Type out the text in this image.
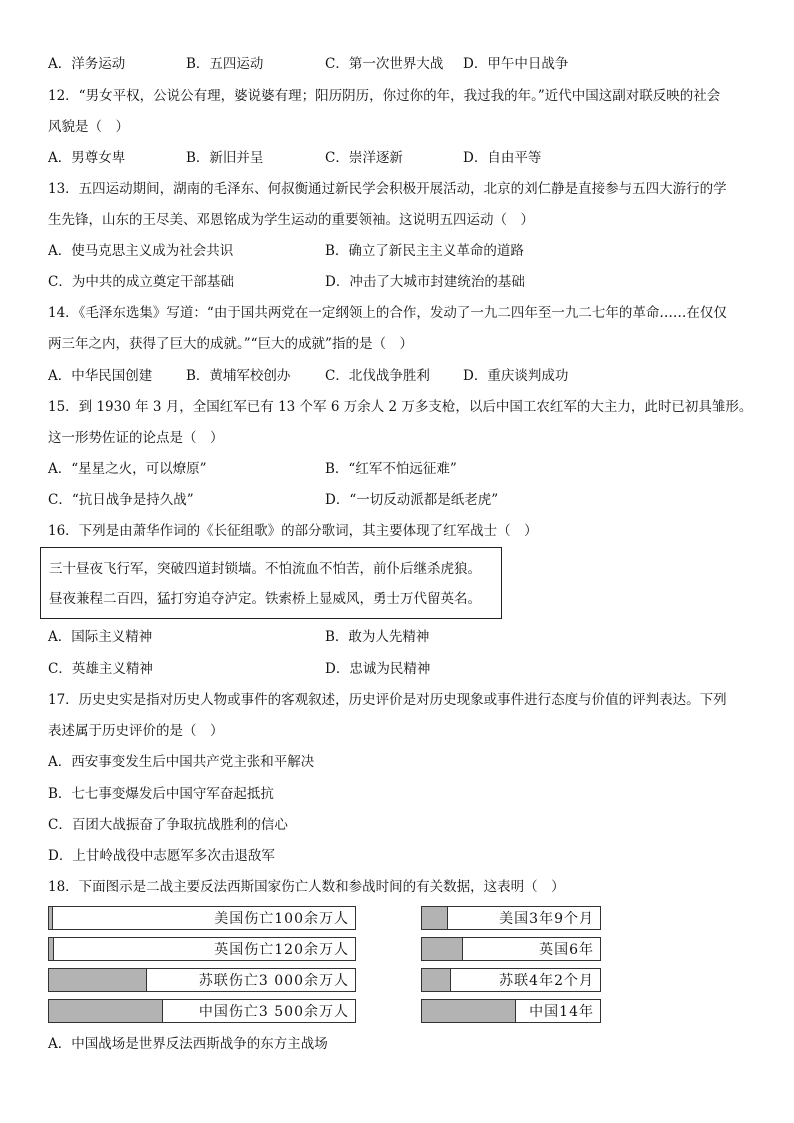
A．洋务运动	B．五四运动	C．第一次世界大战 D．甲午中日战争
12．“男女平权，公说公有理，婆说婆有理；阳历阴历，你过你的年，我过我的年。”近代中国这副对联反映的社会
风貌是（　）
A．男尊女卑	B．新旧并呈	C．崇洋逐新	D．自由平等
13．五四运动期间，湖南的毛泽东、何叔衡通过新民学会积极开展活动，北京的刘仁静是直接参与五四大游行的学
生先锋，山东的王尽美、邓恩铭成为学生运动的重要领袖。这说明五四运动（　）
A．使马克思主义成为社会共识	B．确立了新民主主义革命的道路
C．为中共的成立奠定干部基础	D．冲击了大城市封建统治的基础
14．《毛泽东选集》写道：“由于国共两党在一定纲领上的合作，发动了一九二四年至一九二七年的革命……在仅仅
两三年之内，获得了巨大的成就。”“巨大的成就”指的是（　）
A．中华民国创建	B．黄埔军校创办	C．北伐战争胜利 D．重庆谈判成功
15．到 1930 年 3 月，全国红军已有 13 个军 6 万余人 2 万多支枪，以后中国工农红军的大主力，此时已初具雏形。
这一形势佐证的论点是（　）
A．“星星之火，可以燎原”	B．“红军不怕远征难”
C．“抗日战争是持久战”	D．“一切反动派都是纸老虎”
16．下列是由萧华作词的《长征组歌》的部分歌词，其主要体现了红军战士（　）
三十昼夜飞行军，突破四道封锁墙。不怕流血不怕苦，前仆后继杀虎狼。
昼夜兼程二百四，猛打穷追夺泸定。铁索桥上显威风，勇士万代留英名。
A．国际主义精神	B．敢为人先精神
C．英雄主义精神	D．忠诚为民精神
17．历史史实是指对历史人物或事件的客观叙述，历史评价是对历史现象或事件进行态度与价值的评判表达。下列
表述属于历史评价的是（　）
A．西安事变发生后中国共产党主张和平解决
B．七七事变爆发后中国守军奋起抵抗
C．百团大战振奋了争取抗战胜利的信心
D．上甘岭战役中志愿军多次击退敌军
18．下面图示是二战主要反法西斯国家伤亡人数和参战时间的有关数据，这表明（　）
美国伤亡100余万人
英国伤亡120余万人
苏联伤亡3 000余万人
中国伤亡3 500余万人
美国3年9个月
英国6年
苏联4年2个月
中国14年
A．中国战场是世界反法西斯战争的东方主战场
